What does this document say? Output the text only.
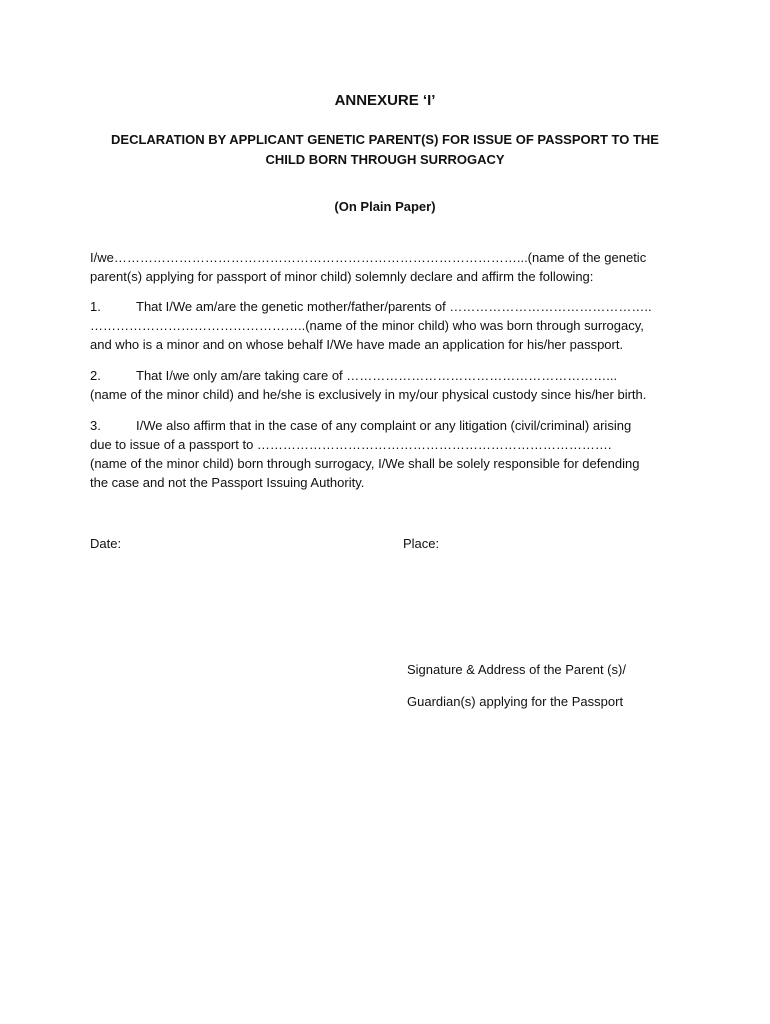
ANNEXURE ‘I’
DECLARATION BY APPLICANT GENETIC PARENT(S) FOR ISSUE OF PASSPORT TO THE
CHILD BORN THROUGH SURROGACY
(On Plain Paper)
I/we…………………………………………………………………………………...(name of the genetic
parent(s) applying for passport of minor child) solemnly declare and affirm the following:
1.	That I/We am/are the genetic mother/father/parents of ………………………………………..
…………………………………………..(name of the minor child) who was born through surrogacy,
and who is a minor and on whose behalf I/We have made an application for his/her passport.
2.	That I/we only am/are taking care of ……………………………………………………...
(name of the minor child) and he/she is exclusively in my/our physical custody since his/her birth.
3.	I/We also affirm that in the case of any complaint or any litigation (civil/criminal) arising
due to issue of a passport to ……………………………………………………………………….
(name of the minor child) born through surrogacy, I/We shall be solely responsible for defending
the case and not the Passport Issuing Authority.
Date:	Place:
Signature & Address of the Parent (s)/
Guardian(s) applying for the Passport
